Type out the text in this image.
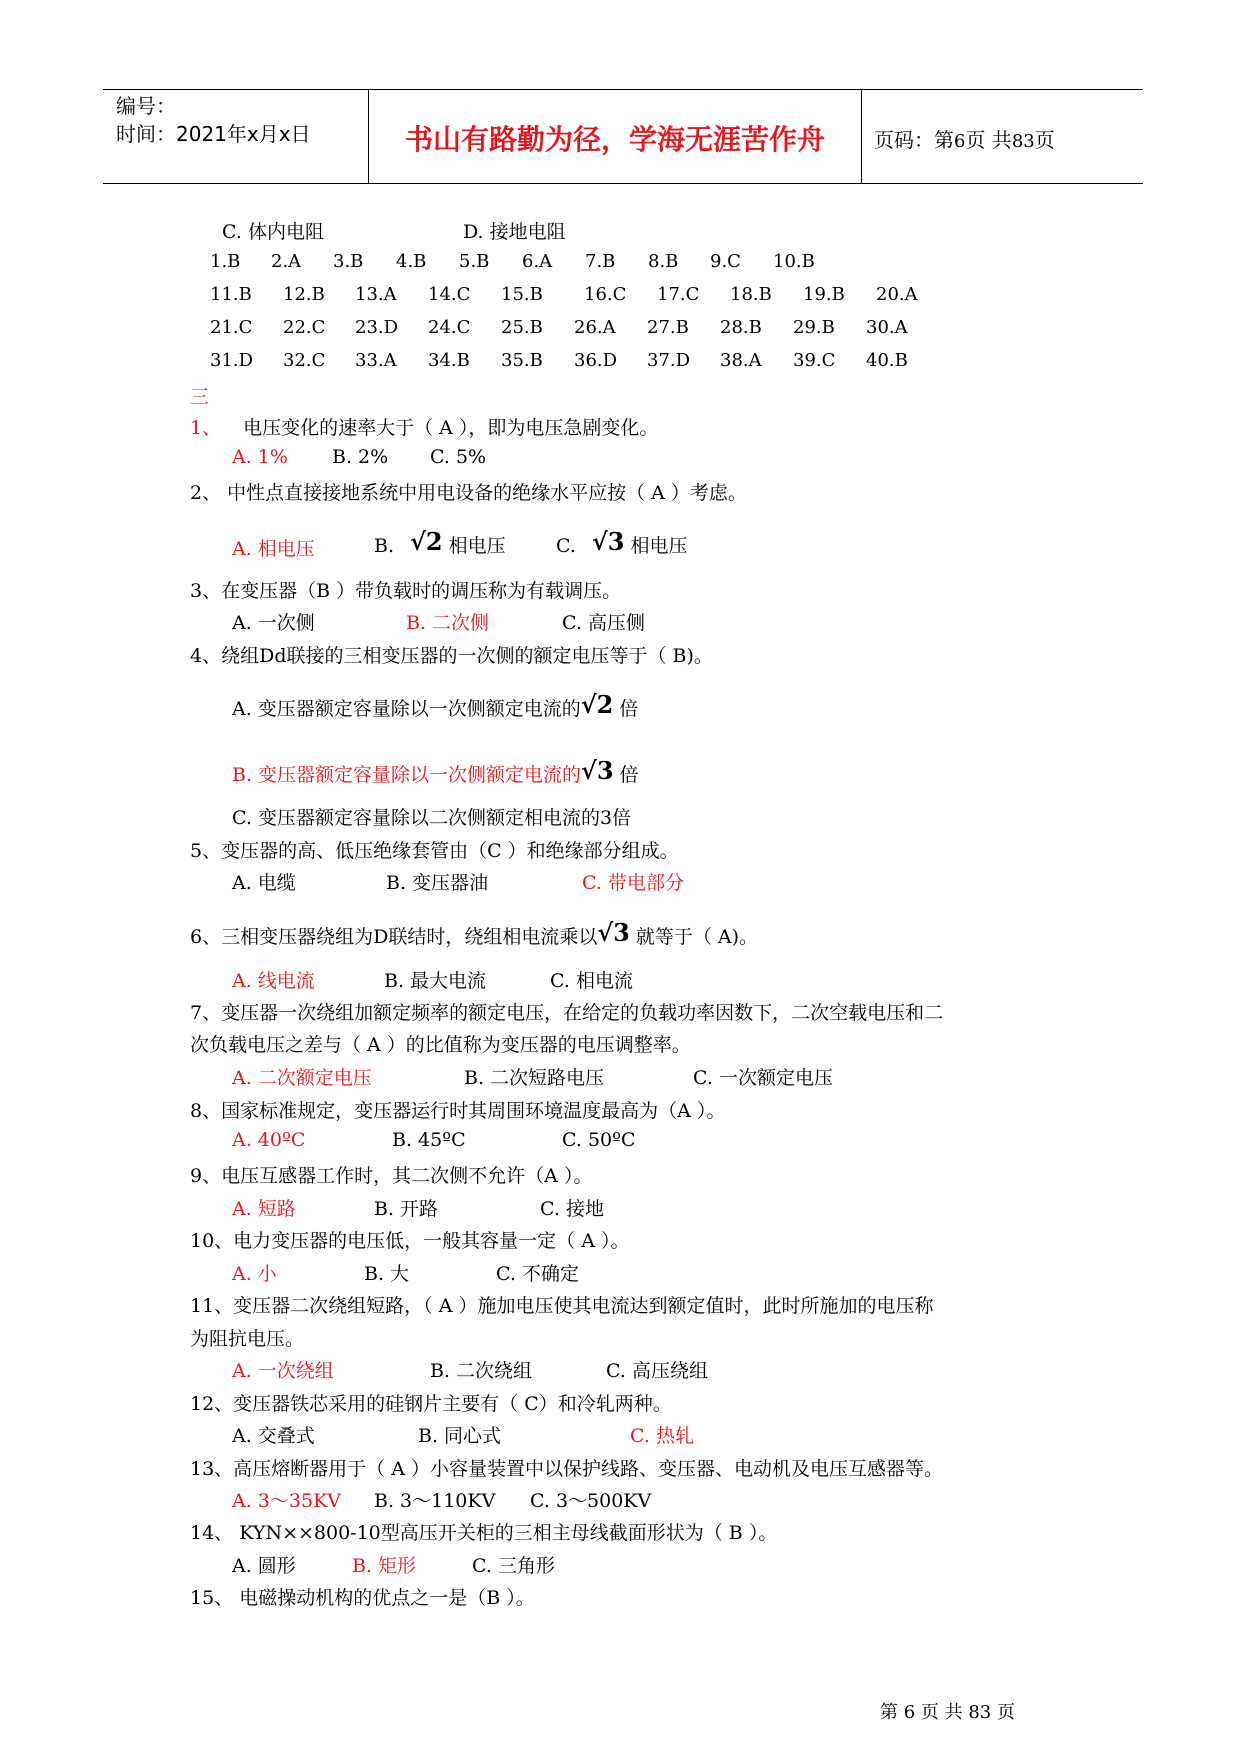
编号：
时间：2021年x月x日	书山有路勤为径，学海无涯苦作舟	页码：第6页 共83页
C. 体内电阻	D. 接地电阻
1.B 2.A 3.B 4.B 5.B 6.A 7.B 8.B 9.C 10.B
11.B 12.B 13.A 14.C 15.B 16.C 17.C 18.B 19.B 20.A
21.C 22.C 23.D 24.C 25.B 26.A 27.B 28.B 29.B 30.A
31.D 32.C 33.A 34.B 35.B 36.D 37.D 38.A 39.C 40.B
三
1、 电压变化的速率大于（ A ），即为电压急剧变化。
A. 1% B. 2% C. 5%
2、 中性点直接接地系统中用电设备的绝缘水平应按（ A ）考虑。
A. 相电压	B. √2 相电压	C. √3 相电压
3、在变压器（B ）带负载时的调压称为有载调压。
A. 一次侧	B. 二次侧	C. 高压侧
4、绕组Dd联接的三相变压器的一次侧的额定电压等于（ B)。
A. 变压器额定容量除以一次侧额定电流的√2 倍
B. 变压器额定容量除以一次侧额定电流的√3 倍
C. 变压器额定容量除以二次侧额定相电流的3倍
5、变压器的高、低压绝缘套管由（C ）和绝缘部分组成。
A. 电缆	B. 变压器油	C. 带电部分
6、三相变压器绕组为D联结时，绕组相电流乘以√3 就等于（ A)。
A. 线电流	B. 最大电流	C. 相电流
7、变压器一次绕组加额定频率的额定电压，在给定的负载功率因数下，二次空载电压和二
次负载电压之差与（ A ）的比值称为变压器的电压调整率。
A. 二次额定电压	B. 二次短路电压	C. 一次额定电压
8、国家标准规定，变压器运行时其周围环境温度最高为（A ）。
A. 40ºC	B. 45ºC	C. 50ºC
9、电压互感器工作时，其二次侧不允许（A ）。
A. 短路	B. 开路	C. 接地
10、电力变压器的电压低，一般其容量一定（ A ）。
A. 小	B. 大	C. 不确定
11、变压器二次绕组短路，（ A ）施加电压使其电流达到额定值时，此时所施加的电压称
为阻抗电压。
A. 一次绕组	B. 二次绕组	C. 高压绕组
12、变压器铁芯采用的硅钢片主要有（ C）和冷轧两种。
A. 交叠式	B. 同心式	C. 热轧
13、高压熔断器用于（ A ）小容量装置中以保护线路、变压器、电动机及电压互感器等。
A. 3～35KV B. 3～110KV C. 3～500KV
14、 KYN××800-10型高压开关柜的三相主母线截面形状为（ B ）。
A. 圆形	B. 矩形	C. 三角形
15、 电磁操动机构的优点之一是（B ）。
第 6 页 共 83 页
